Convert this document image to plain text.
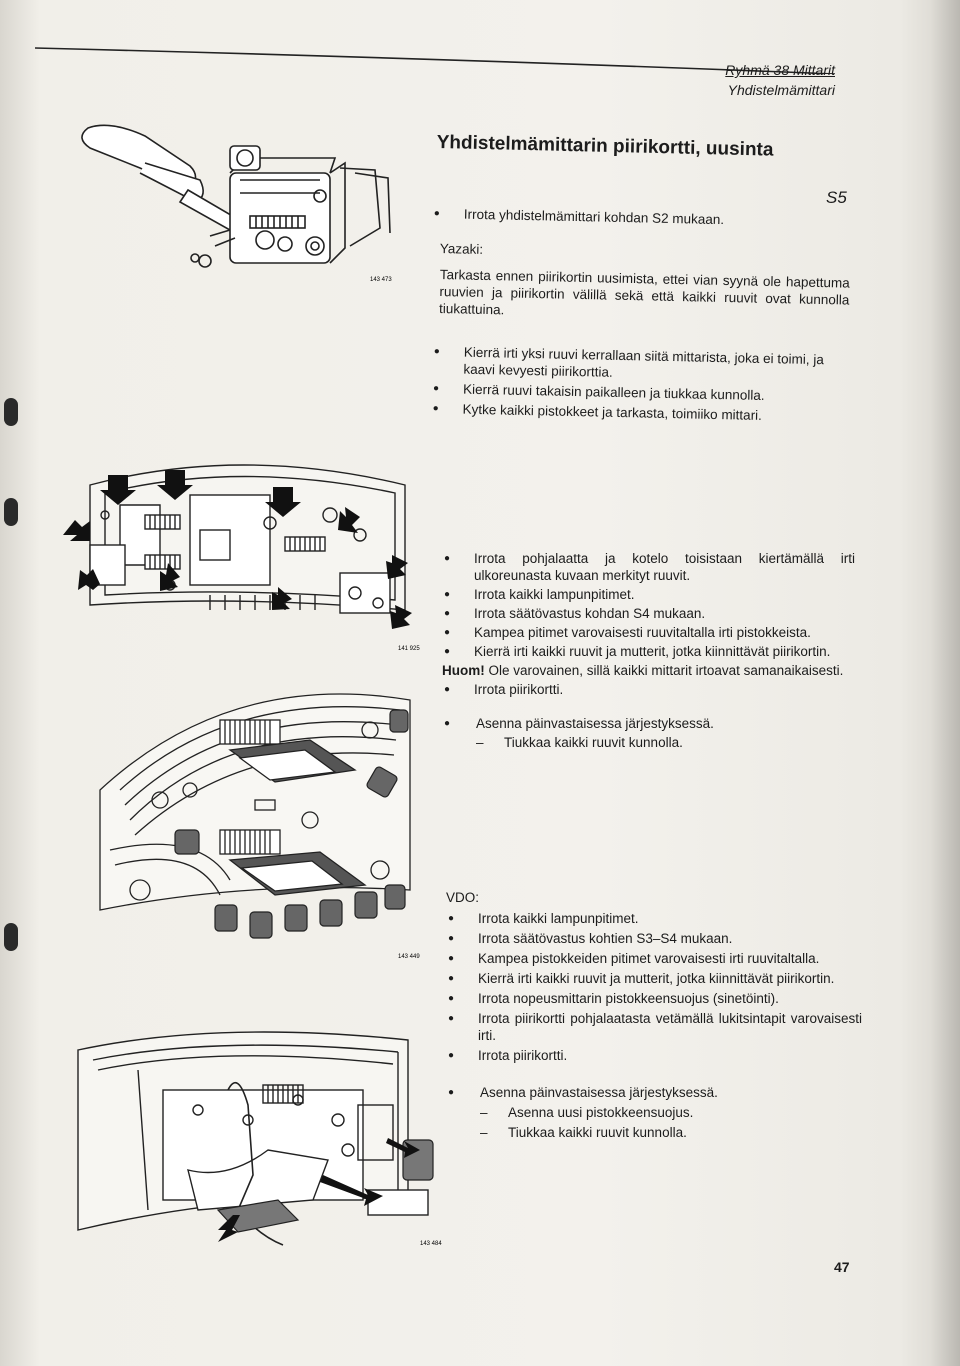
Ryhmä 38 Mittarit
Yhdistelmämittari
Yhdistelmämittarin piirikortti, uusinta
S5
● Irrota yhdistelmämittari kohdan S2 mukaan.
Yazaki:
Tarkasta ennen piirikortin uusimista, ettei vian syynä ole hapettuma ruuvien ja piirikortin välillä sekä että kaikki ruuvit ovat kunnolla tiukattuina.
● Kierrä irti yksi ruuvi kerrallaan siitä mittarista, joka ei toimi, ja kaavi kevyesti piirikorttia.
● Kierrä ruuvi takaisin paikalleen ja tiukkaa kunnolla.
● Kytke kaikki pistokkeet ja tarkasta, toimiiko mittari.
● Irrota pohjalaatta ja kotelo toisistaan kiertämällä irti ulkoreunasta kuvaan merkityt ruuvit.
● Irrota kaikki lampunpitimet.
● Irrota säätövastus kohdan S4 mukaan.
● Kampea pitimet varovaisesti ruuvitaltalla irti pistokkeista.
● Kierrä irti kaikki ruuvit ja mutterit, jotka kiinnittävät piirikortin.
Huom! Ole varovainen, sillä kaikki mittarit irtoavat samanaikaisesti.
● Irrota piirikortti.
● Asenna päinvastaisessa järjestyksessä.
– Tiukkaa kaikki ruuvit kunnolla.
VDO:
● Irrota kaikki lampunpitimet.
● Irrota säätövastus kohtien S3–S4 mukaan.
● Kampea pistokkeiden pitimet varovaisesti irti ruuvitaltalla.
● Kierrä irti kaikki ruuvit ja mutterit, jotka kiinnittävät piirikortin.
● Irrota nopeusmittarin pistokkeensuojus (sinetöinti).
● Irrota piirikortti pohjalaatasta vetämällä lukitsintapit varovaisesti irti.
● Irrota piirikortti.
● Asenna päinvastaisessa järjestyksessä.
– Asenna uusi pistokkeensuojus.
– Tiukkaa kaikki ruuvit kunnolla.
143 473
141 925
143 449
143 484
47
